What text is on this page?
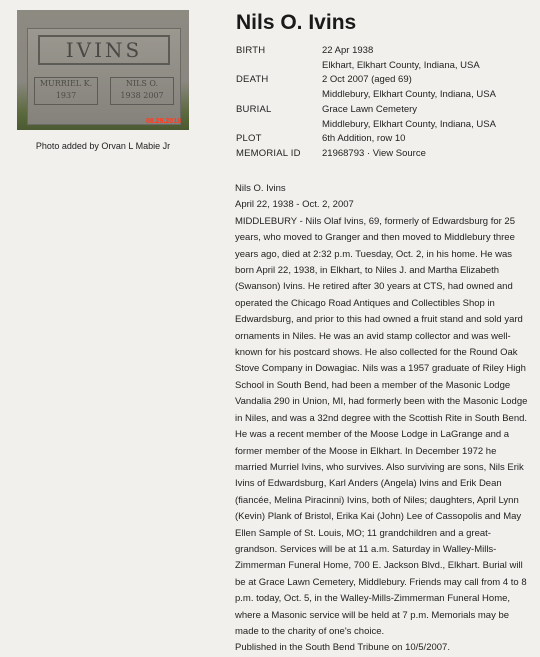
IVINS
MURRIEL K.
1937
NILS O.
1938 2007
08.29.2018
Photo added by Orvan L Mabie Jr
Nils O. Ivins
BIRTH	22 Apr 1938
Elkhart, Elkhart County, Indiana, USA
DEATH	2 Oct 2007 (aged 69)
Middlebury, Elkhart County, Indiana, USA
BURIAL	Grace Lawn Cemetery
Middlebury, Elkhart County, Indiana, USA
PLOT	6th Addition, row 10
MEMORIAL ID	21968793 · View Source

Nils O. Ivins

April 22, 1938 - Oct. 2, 2007

MIDDLEBURY - Nils Olaf Ivins, 69, formerly of Edwardsburg for 25 years, who moved to Granger and then moved to Middlebury three years ago, died at 2:32 p.m. Tuesday, Oct. 2, in his home. He was born April 22, 1938, in Elkhart, to Niles J. and Martha Elizabeth (Swanson) Ivins. He retired after 30 years at CTS, had owned and operated the Chicago Road Antiques and Collectibles Shop in Edwardsburg, and prior to this had owned a fruit stand and sold yard ornaments in Niles. He was an avid stamp collector and was well-known for his postcard shows. He also collected for the Round Oak Stove Company in Dowagiac. Nils was a 1957 graduate of Riley High School in South Bend, had been a member of the Masonic Lodge Vandalia 290 in Union, MI, had formerly been with the Masonic Lodge in Niles, and was a 32nd degree with the Scottish Rite in South Bend. He was a recent member of the Moose Lodge in LaGrange and a former member of the Moose in Elkhart. In December 1972 he married Murriel Ivins, who survives. Also surviving are sons, Nils Erik Ivins of Edwardsburg, Karl Anders (Angela) Ivins and Erik Dean (fiancée, Melina Piracinni) Ivins, both of Niles; daughters, April Lynn (Kevin) Plank of Bristol, Erika Kai (John) Lee of Cassopolis and May Ellen Sample of St. Louis, MO; 11 grandchildren and a great-grandson. Services will be at 11 a.m. Saturday in Walley-Mills-Zimmerman Funeral Home, 700 E. Jackson Blvd., Elkhart. Burial will be at Grace Lawn Cemetery, Middlebury. Friends may call from 4 to 8 p.m. today, Oct. 5, in the Walley-Mills-Zimmerman Funeral Home, where a Masonic service will be held at 7 p.m. Memorials may be made to the charity of one's choice.

Published in the South Bend Tribune on 10/5/2007.
